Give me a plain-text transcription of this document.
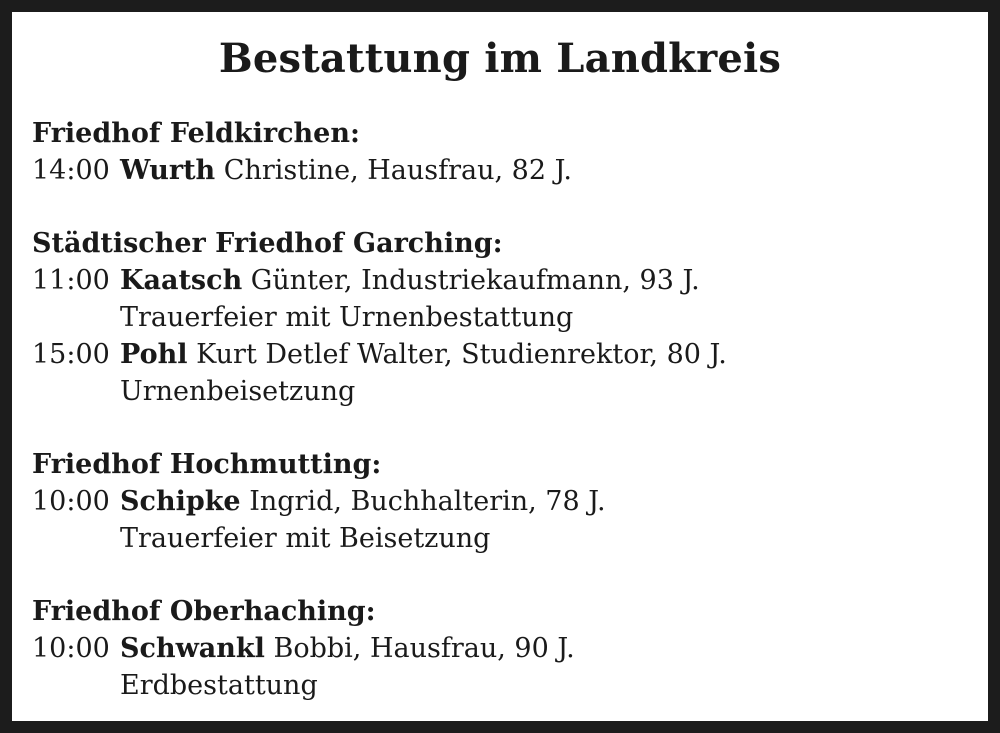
Bestattung im Landkreis
Friedhof Feldkirchen:
14:00 Wurth Christine, Hausfrau, 82 J.
Städtischer Friedhof Garching:
11:00 Kaatsch Günter, Industriekaufmann, 93 J.
Trauerfeier mit Urnenbestattung
15:00 Pohl Kurt Detlef Walter, Studienrektor, 80 J.
Urnenbeisetzung
Friedhof Hochmutting:
10:00 Schipke Ingrid, Buchhalterin, 78 J.
Trauerfeier mit Beisetzung
Friedhof Oberhaching:
10:00 Schwankl Bobbi, Hausfrau, 90 J.
Erdbestattung
